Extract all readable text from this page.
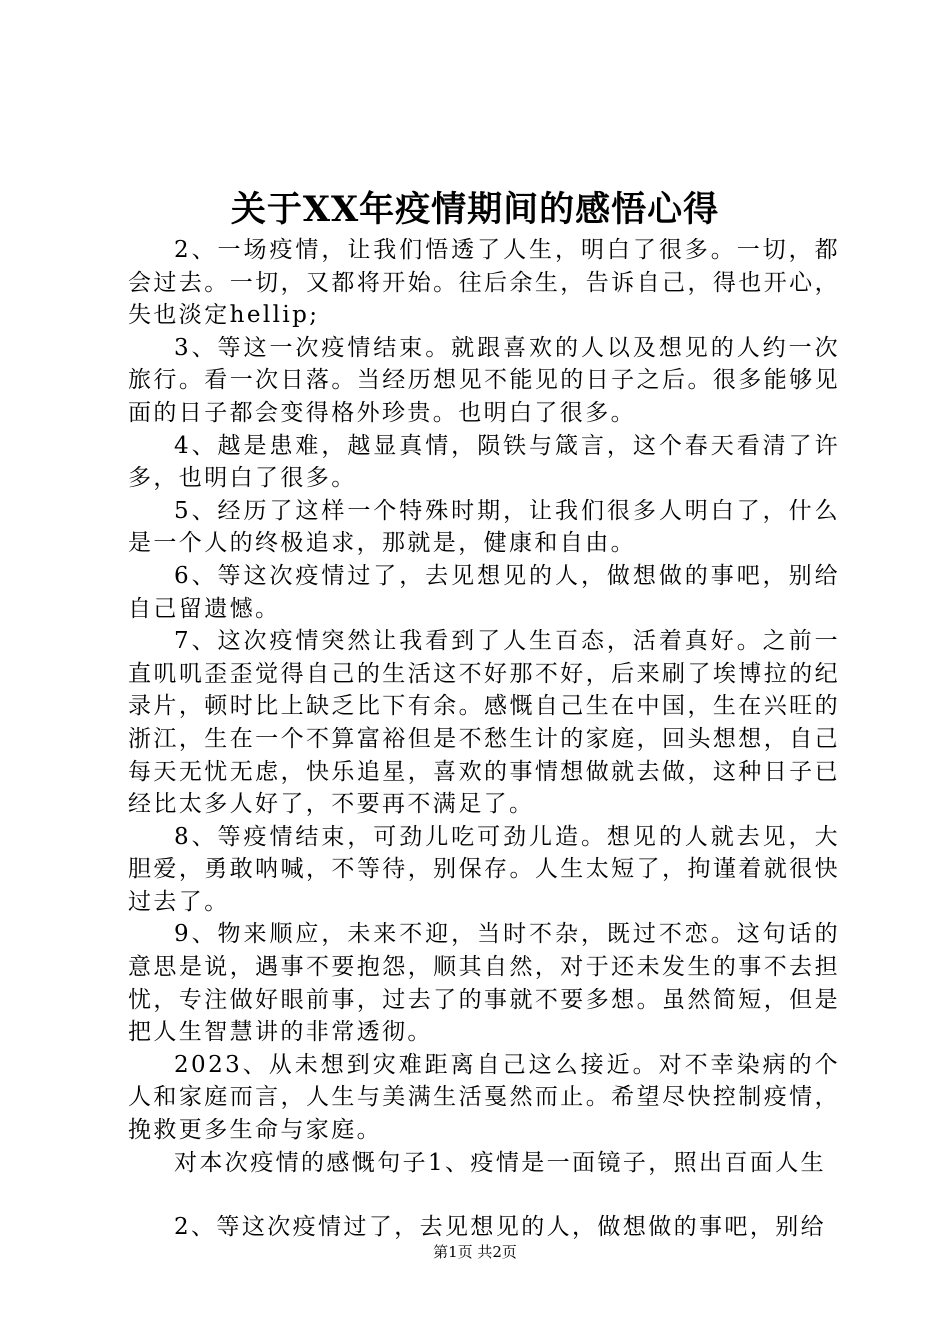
关于XX年疫情期间的感悟心得

2、一场疫情，让我们悟透了人生，明白了很多。一切，都会过去。一切，又都将开始。往后余生，告诉自己，得也开心，失也淡定hellip;

3、等这一次疫情结束。就跟喜欢的人以及想见的人约一次旅行。看一次日落。当经历想见不能见的日子之后。很多能够见面的日子都会变得格外珍贵。也明白了很多。

4、越是患难，越显真情，陨铁与箴言，这个春天看清了许多，也明白了很多。

5、经历了这样一个特殊时期，让我们很多人明白了，什么是一个人的终极追求，那就是，健康和自由。

6、等这次疫情过了，去见想见的人，做想做的事吧，别给自己留遗憾。

7、这次疫情突然让我看到了人生百态，活着真好。之前一直叽叽歪歪觉得自己的生活这不好那不好，后来刷了埃博拉的纪录片，顿时比上缺乏比下有余。感慨自己生在中国，生在兴旺的浙江，生在一个不算富裕但是不愁生计的家庭，回头想想，自己每天无忧无虑，快乐追星，喜欢的事情想做就去做，这种日子已经比太多人好了，不要再不满足了。

8、等疫情结束，可劲儿吃可劲儿造。想见的人就去见，大胆爱，勇敢呐喊，不等待，别保存。人生太短了，拘谨着就很快过去了。

9、物来顺应，未来不迎，当时不杂，既过不恋。这句话的意思是说，遇事不要抱怨，顺其自然，对于还未发生的事不去担忧，专注做好眼前事，过去了的事就不要多想。虽然简短，但是把人生智慧讲的非常透彻。

2023、从未想到灾难距离自己这么接近。对不幸染病的个人和家庭而言，人生与美满生活戛然而止。希望尽快控制疫情，挽救更多生命与家庭。

对本次疫情的感慨句子1、疫情是一面镜子，照出百面人生

2、等这次疫情过了，去见想见的人，做想做的事吧，别给

第1页 共2页
